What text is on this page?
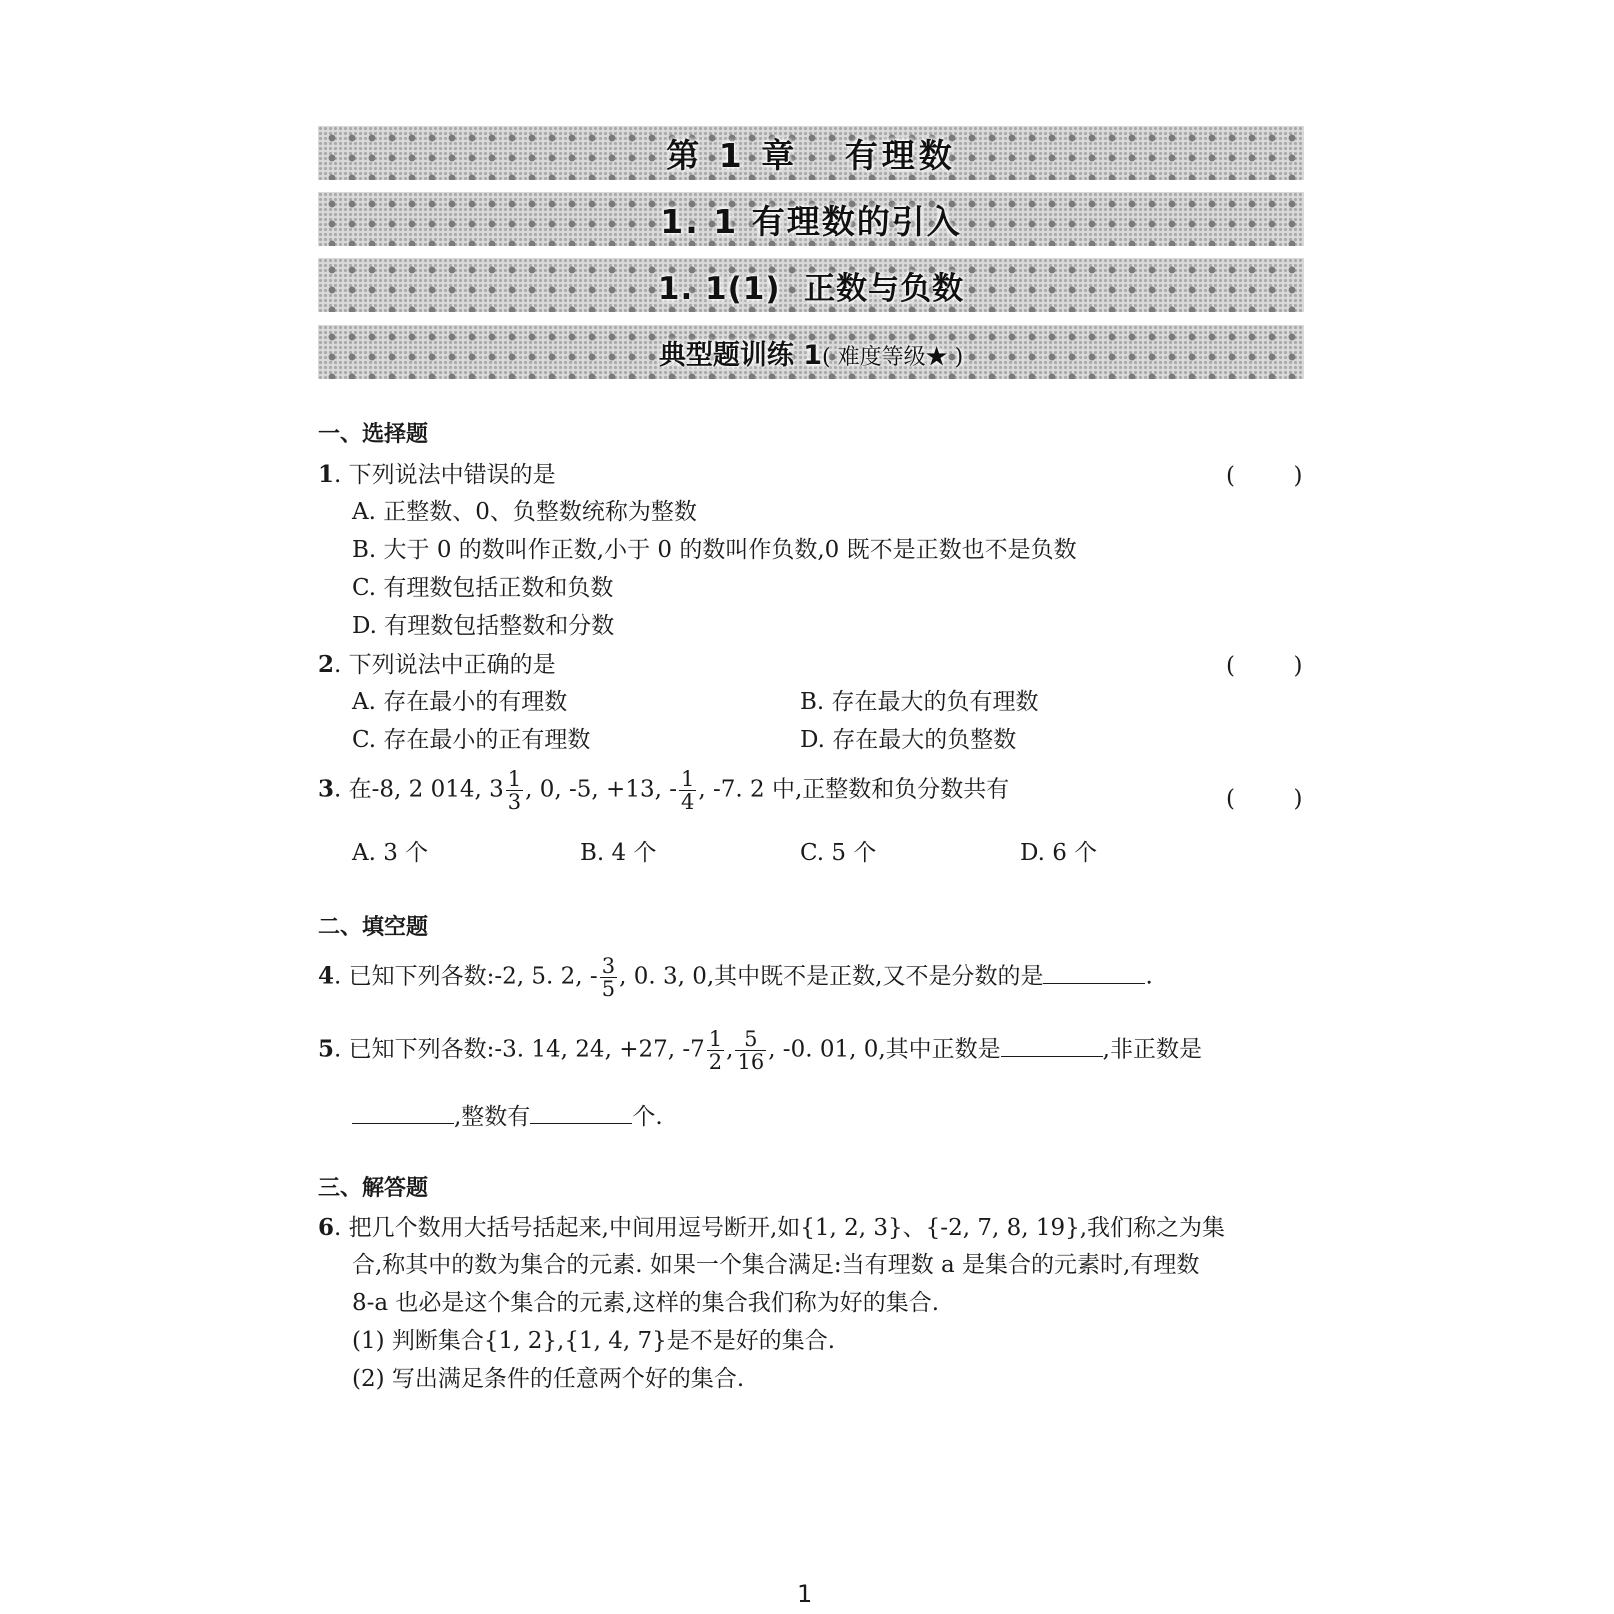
第 1 章   有理数
1. 1 有理数的引入
1. 1(1)  正数与负数
典型题训练 1( 难度等级★ )
一、选择题
1. 下列说法中错误的是	(        )
A. 正整数、0、负整数统称为整数
B. 大于 0 的数叫作正数,小于 0 的数叫作负数,0 既不是正数也不是负数
C. 有理数包括正数和负数
D. 有理数包括整数和分数
2. 下列说法中正确的是	(        )
A. 存在最小的有理数	B. 存在最大的负有理数
C. 存在最小的正有理数	D. 存在最大的负整数
3. 在-8, 2 014, $3 \frac{1}{3}$ , 0, -5, +13, - $\frac{1}{4}$ , -7. 2 中,正整数和负分数共有	(        )
A. 3 个	B. 4 个	C. 5 个	D. 6 个
二、填空题
4. 已知下列各数:-2, 5. 2, - $\frac{3}{5}$ , 0. 3, 0,其中既不是正数,又不是分数的是	.
5. 已知下列各数:-3. 14, 24, +27, $-7 \frac{1}{2}$ , $\frac{5}{16}$ , -0. 01, 0,其中正数是	,非正数是
,整数有	个.
三、解答题
6. 把几个数用大括号括起来,中间用逗号断开,如{1, 2, 3}、{-2, 7, 8, 19},我们称之为集
合,称其中的数为集合的元素. 如果一个集合满足:当有理数 a 是集合的元素时,有理数
8-a 也必是这个集合的元素,这样的集合我们称为好的集合.
(1) 判断集合{1, 2},{1, 4, 7}是不是好的集合.
(2) 写出满足条件的任意两个好的集合.
1
